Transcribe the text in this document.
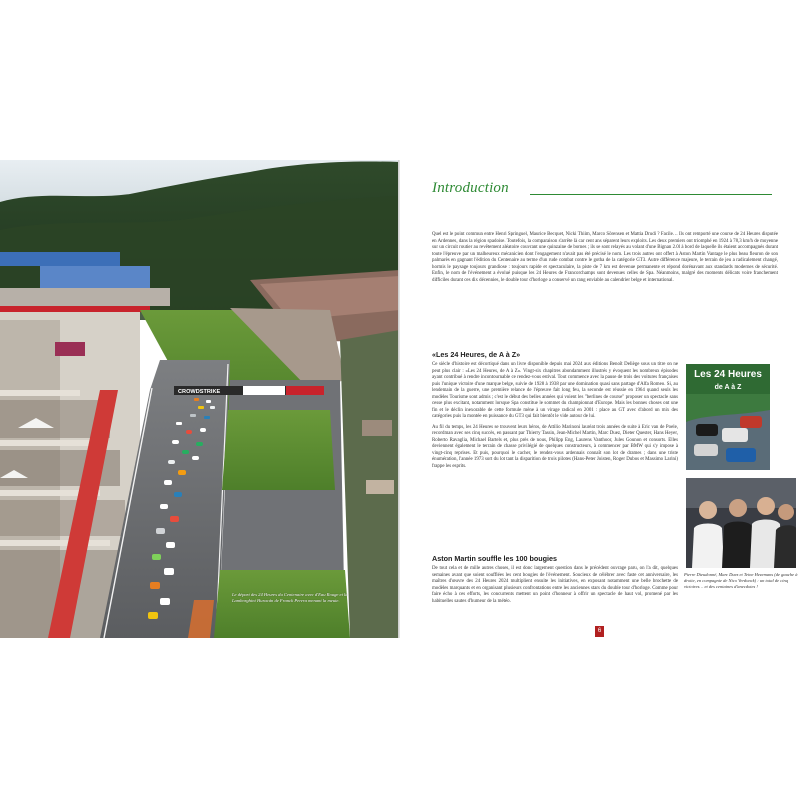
CROWDSTRIKE
Le départ des 24 Heures du Centenaire avec d'Eau Rouge et la Lamborghini Huracán de Franck Perera menant la meute.
Introduction

Quel est le point commun entre Henri Springuel, Maurice Becquet, Nicki Thiim, Marco Sörensen et Mattia Drudi ? Facile… Ils ont remporté une course de 24 Heures disputée en Ardennes, dans la région spadoise. Toutefois, la comparaison s'arrête là car cent ans séparent leurs exploits. Les deux premiers ont triomphé en 1924 à 78,3 km/h de moyenne sur un circuit routier au revêtement aléatoire couvrant une quinzaine de bornes ; ils se sont relayés au volant d'une Bignan 2.0l à bord de laquelle ils étaient accompagnés durant toute l'épreuve par un malheureux mécanicien dont l'engagement n'avait pas été précisé le nom. Les trois autres ont offert à Aston Martin Vantage le plus beau fleuron de son palmarès en gagnant l'édition du Centenaire au terme d'un rude combat contre le gotha de la catégorie GT3. Autre différence majeure, le terrain de jeu a radicalement changé, hormis le paysage toujours grandiose : toujours rapide et spectaculaire, la piste de 7 km est devenue permanente et répond dorénavant aux standards modernes de sécurité. Enfin, le nom de l'événement a évolué puisque les 24 Heures de Francorchamps sont devenues celles de Spa. Néanmoins, malgré des moments délicats voire franchement difficiles durant ces dix décennies, le double tour d'horloge a conservé un rang enviable au calendrier belge et international.

«Les 24 Heures, de A à Z»

Ce siècle d'histoire est décortiqué dans un livre disponible depuis mai 2024 aux éditions Benoît Deliège sous un titre on ne peut plus clair : «Les 24 Heures, de A à Z». Vingt-six chapitres abondamment illustrés y évoquent les nombreux épisodes ayant contribué à rendre incontournable ce rendez-vous estival. Tout commence avec la pause de trois des voitures françaises puis l'unique victoire d'une marque belge, suivie de 1928 à 1938 par une domination quasi sans partage d'Alfa Romeo. Si, au lendemain de la guerre, une première relance de l'épreuve fait long feu, la seconde est réussie en 1964 quand seuls les modèles Tourisme sont admis ; c'est le début des belles années qui voient les "berlines de course" proposer un spectacle sans cesse plus excitant, notamment lorsque Spa constitue le sommet du championnat d'Europe. Mais les bonnes choses ont une fin et le déclin inexorable de cette formule mène à un virage radical en 2001 : place au GT avec d'abord un mix des catégories puis la montée en puissance du GT3 qui fait bientôt le vide autour de lui.

Au fil du temps, les 24 Heures se trouvent leurs héros, de Attilio Marinoni lauréat trois années de suite à Eric van de Poele, recordman avec ses cinq succès, en passant par Thierry Tassin, Jean-Michel Martin, Marc Duez, Dieter Quester, Hans Heyer, Roberto Ravaglia, Michael Bartels et, plus près de nous, Philipp Eng, Laurens Vanthoor, Jules Gounon et consorts. Elles deviennent également le terrain de chasse privilégié de quelques constructeurs, à commencer par BMW qui s'y impose à vingt-cinq reprises. Et puis, pourquoi le cacher, le rendez-vous ardennais connaît son lot de drames ; dans une triste énumération, l'année 1973 sort du lot tant la disparition de trois pilotes (Hans-Peter Joisten, Roger Dubos et Massimo Larini) frappe les esprits.

Aston Martin souffle les 100 bougies

De tout cela et de mille autres choses, il est donc largement question dans le précédent ouvrage paru, on l'a dit, quelques semaines avant que soient soufflées les cent bougies de l'événement. Soucieux de célébrer avec faste cet anniversaire, les maîtres d'œuvre des 24 Heures 2024 multiplient ensuite les initiatives, en exposant notamment une belle brochette de modèles marquants et en organisant plusieurs confrontations entre les anciennes stars du double tour d'horloge. Comme pour faire écho à ces efforts, les concurrents mettent un point d'honneur à offrir un spectacle de haut vol, promené par les habituelles sautes d'humeur de la météo.

Les 24 Heures
de A à Z
Pierre Dieudonné, Marc Duez et Teine Hezemans (de gauche à droite, en compagnie de Nico Verdonck) : un total de cinq victoires… et des centaines d'anecdotes !
6
